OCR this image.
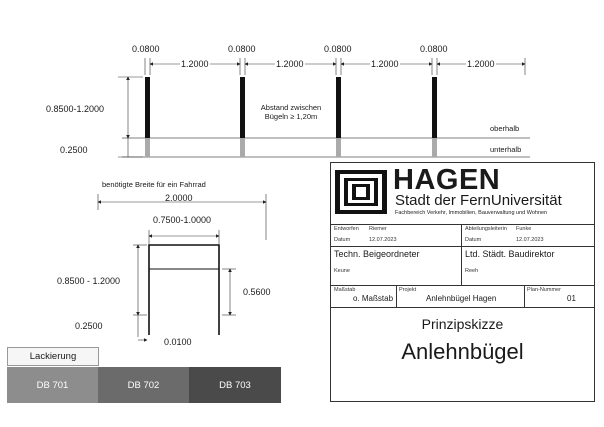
0.0800	0.0800	0.0800	0.0800
1.2000	1.2000	1.2000	1.2000
0.8500-1.2000
0.2500
Abstand zwischen
Bügeln ≥ 1,20m
oberhalb
unterhalb
benötigte Breite für ein Fahrrad
2.0000
0.7500-1.0000
0.8500 - 1.2000
0.5600
0.2500
0.0100
HAGEN
Stadt der FernUniversität
Fachbereich Verkehr, Immobilien, Bauverwaltung und Wohnen
Entworfen Riemer
Datum	12.07.2023
Abteilungsleiterin Funke
Datum	12.07.2023
Techn. Beigeordneter	Ltd. Städt. Baudirektor
Keune	Reeh
Maßstab
o. Maßstab
Projekt
Anlehnbügel Hagen
Plan-Nummer
01
Prinzipskizze
Anlehnbügel
Lackierung
DB 701	DB 702	DB 703
